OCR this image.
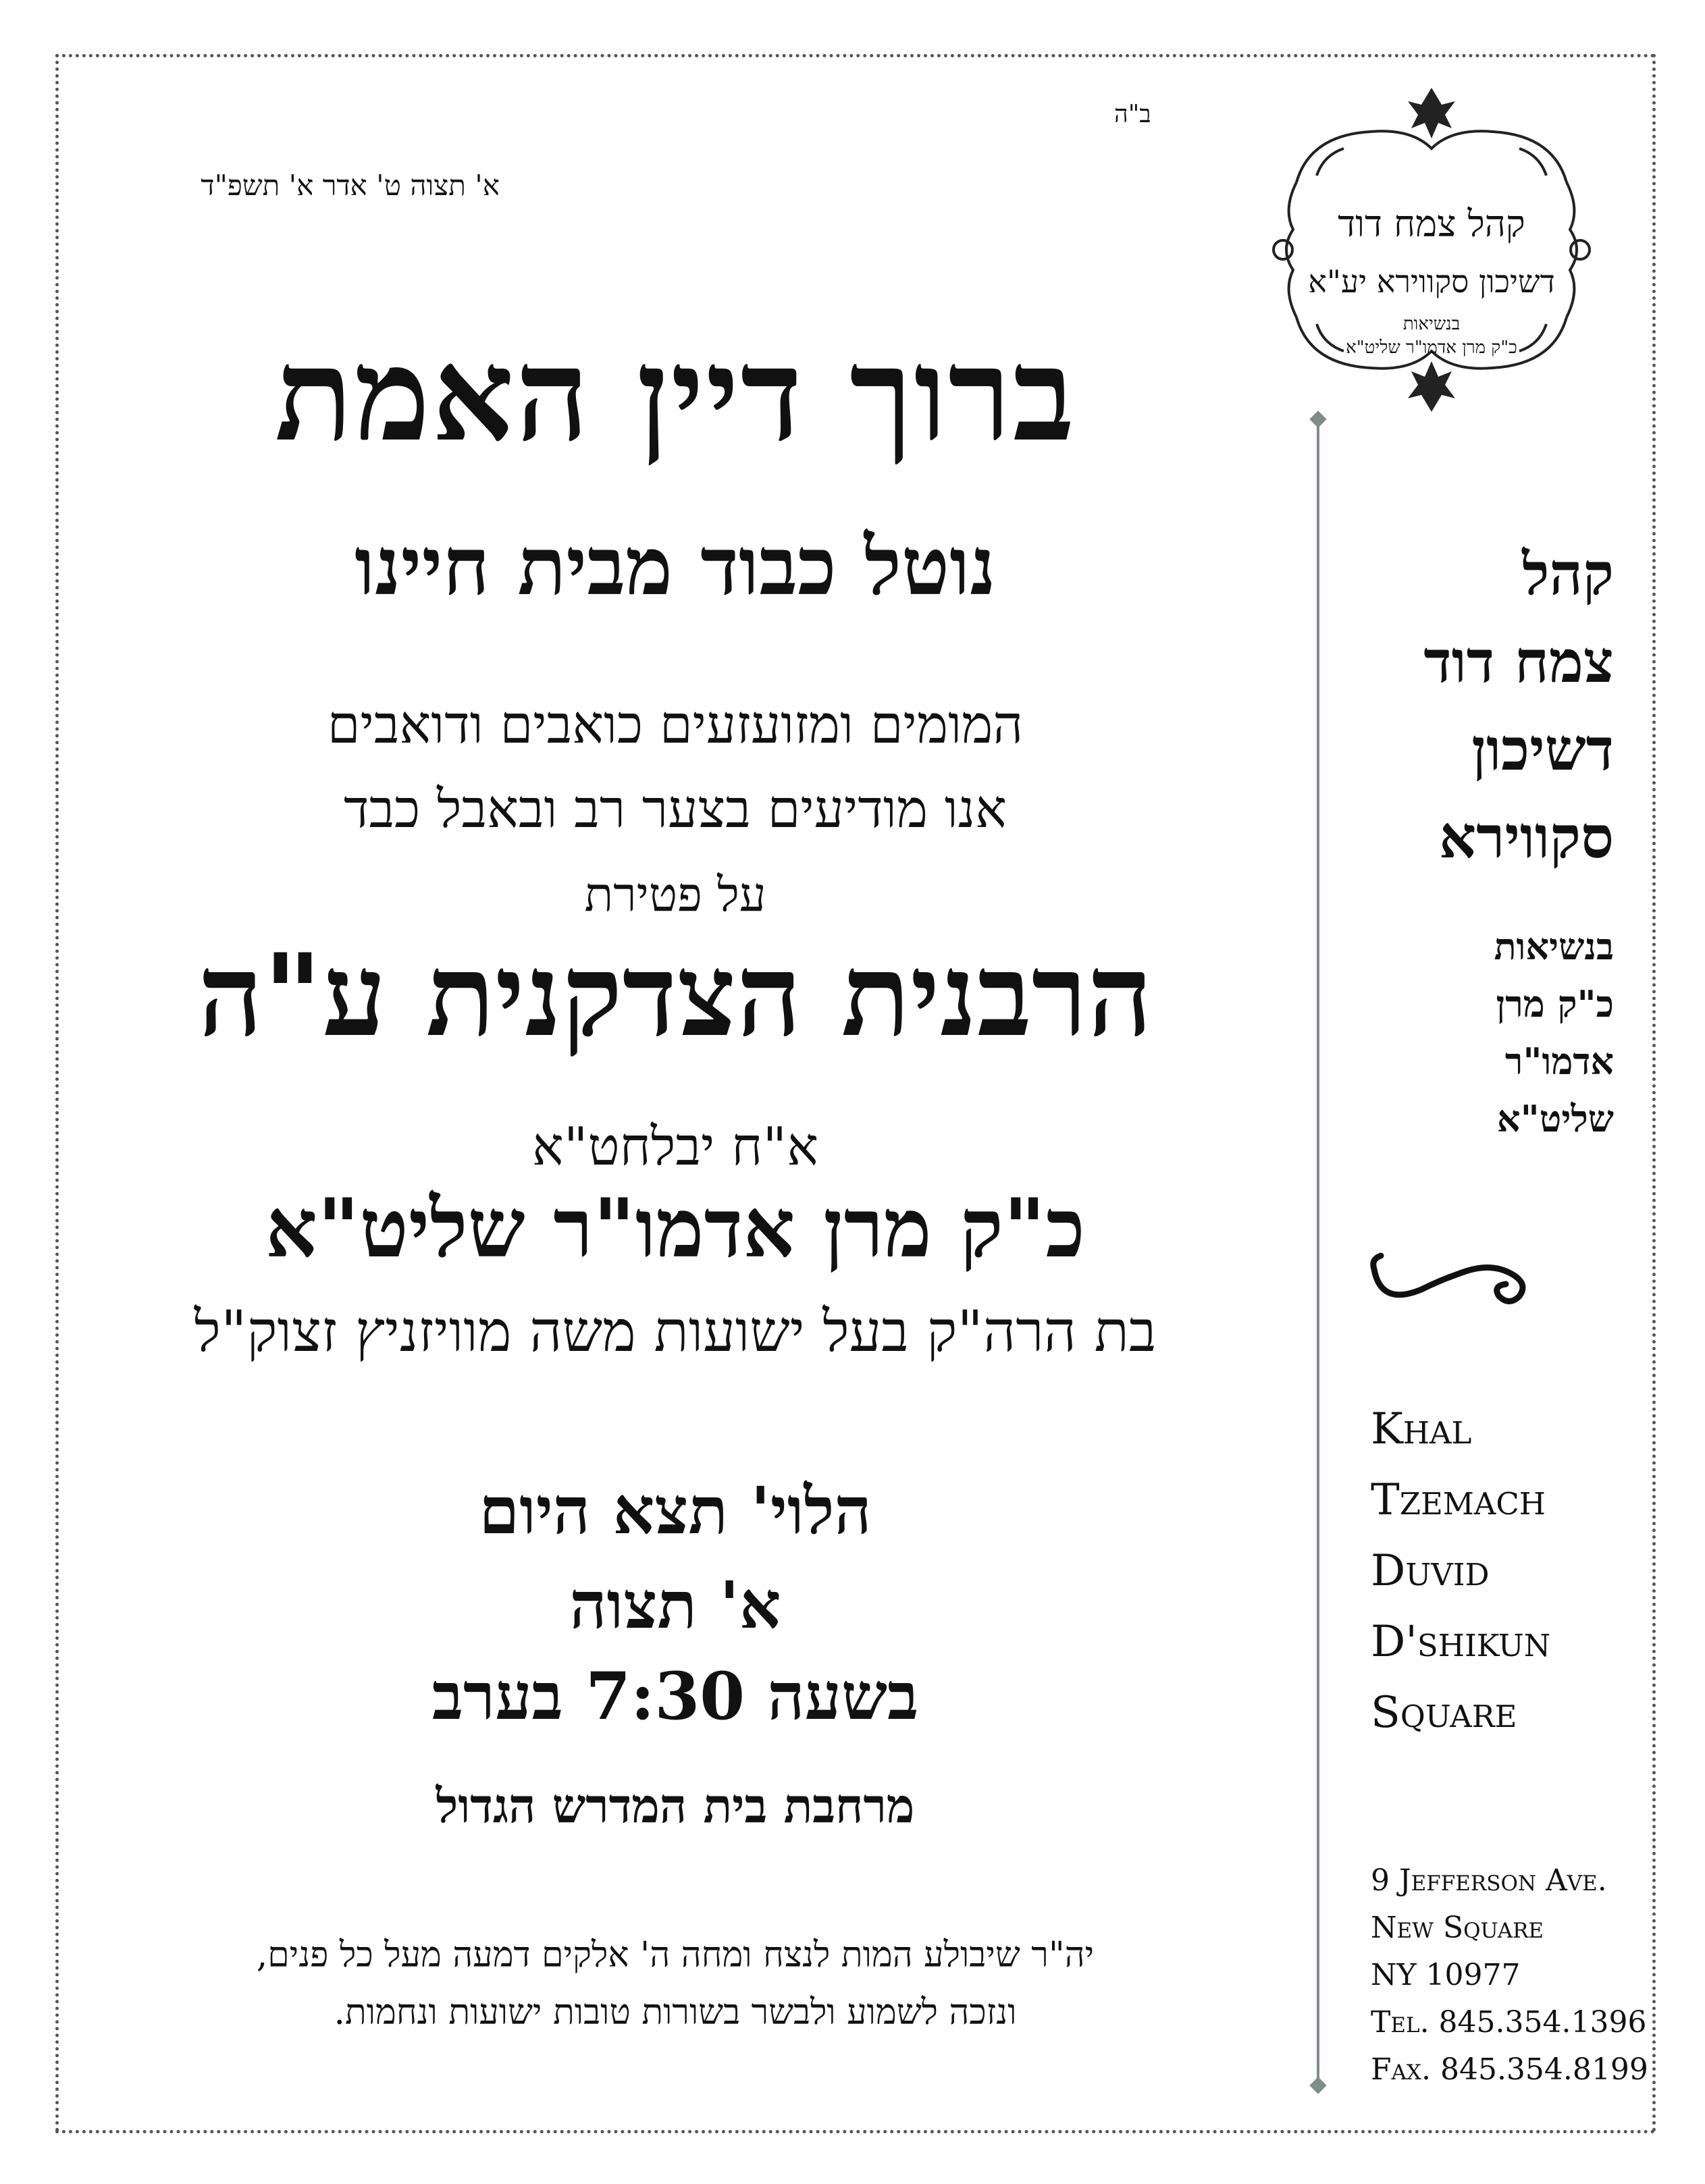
ב"ה
א' תצוה ט' אדר א' תשפ"ד
קהל צמח דוד
דשיכון סקווירא יע"א
בנשיאות
כ"ק מרן אדמו"ר שליט"א
ברוך דיין האמת
נוטל כבוד מבית חיינו
המומים ומזועזעים כואבים ודואבים
אנו מודיעים בצער רב ובאבל כבד
על פטירת
הרבנית הצדקנית ע"ה
א"ח יבלחט"א
כ"ק מרן אדמו"ר שליט"א
בת הרה"ק בעל ישועות משה מוויזניץ זצוק"ל
הלוי' תצא היום
א' תצוה
בשעה 7:30 בערב
מרחבת בית המדרש הגדול
יה"ר שיבולע המות לנצח ומחה ה' אלקים דמעה מעל כל פנים,
ונזכה לשמוע ולבשר בשורות טובות ישועות ונחמות.
קהל
צמח דוד
דשיכון
סקווירא
בנשיאות
כ"ק מרן
אדמו"ר
שליט"א
Khal
Tzemach
Duvid
D'shikun
Square
9 Jefferson Ave.
New Square
NY 10977
Tel. 845.354.1396
Fax. 845.354.8199
